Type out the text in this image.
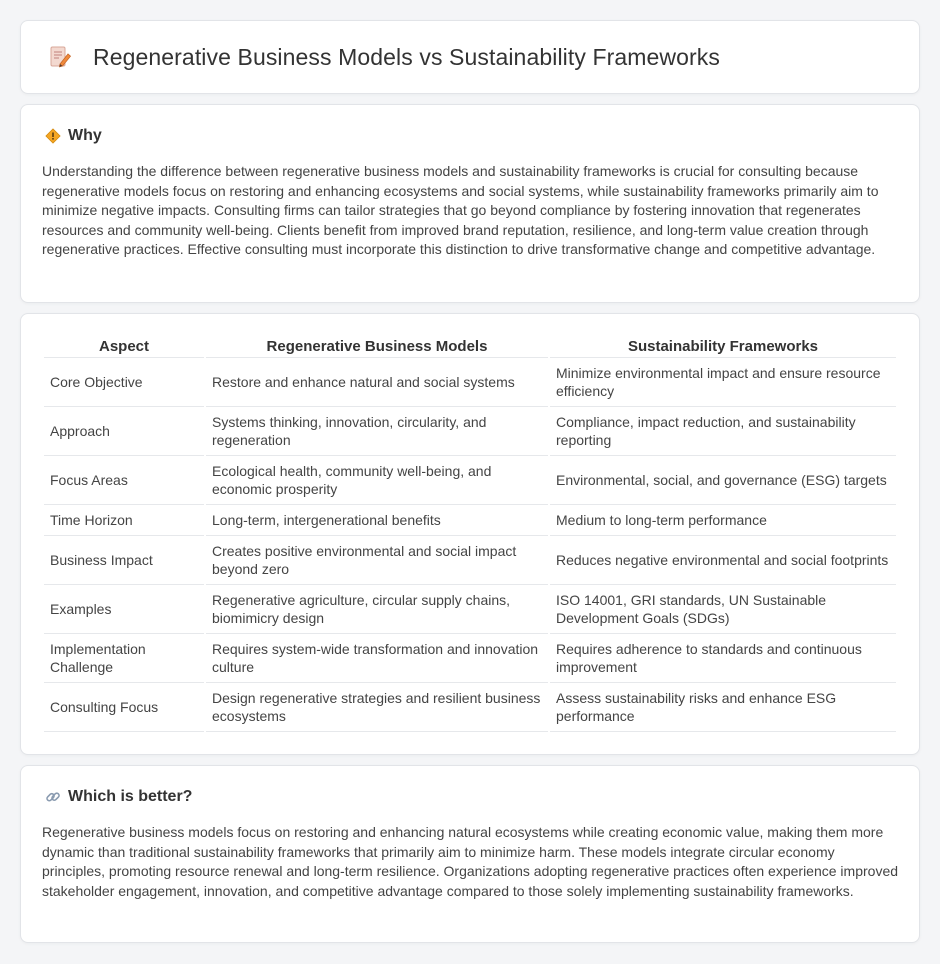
Regenerative Business Models vs Sustainability Frameworks
Why

Understanding the difference between regenerative business models and sustainability frameworks is crucial for consulting because regenerative models focus on restoring and enhancing ecosystems and social systems, while sustainability frameworks primarily aim to minimize negative impacts. Consulting firms can tailor strategies that go beyond compliance by fostering innovation that regenerates resources and community well-being. Clients benefit from improved brand reputation, resilience, and long-term value creation through regenerative practices. Effective consulting must incorporate this distinction to drive transformative change and competitive advantage.

Aspect	Regenerative Business Models	Sustainability Frameworks
Core Objective	Restore and enhance natural and social systems	Minimize environmental impact and ensure resource efficiency
Approach	Systems thinking, innovation, circularity, and regeneration	Compliance, impact reduction, and sustainability reporting
Focus Areas	Ecological health, community well-being, and economic prosperity	Environmental, social, and governance (ESG) targets
Time Horizon	Long-term, intergenerational benefits	Medium to long-term performance
Business Impact	Creates positive environmental and social impact beyond zero	Reduces negative environmental and social footprints
Examples	Regenerative agriculture, circular supply chains, biomimicry design	ISO 14001, GRI standards, UN Sustainable Development Goals (SDGs)
Implementation Challenge	Requires system-wide transformation and innovation culture	Requires adherence to standards and continuous improvement
Consulting Focus	Design regenerative strategies and resilient business ecosystems	Assess sustainability risks and enhance ESG performance
Which is better?

Regenerative business models focus on restoring and enhancing natural ecosystems while creating economic value, making them more dynamic than traditional sustainability frameworks that primarily aim to minimize harm. These models integrate circular economy principles, promoting resource renewal and long-term resilience. Organizations adopting regenerative practices often experience improved stakeholder engagement, innovation, and competitive advantage compared to those solely implementing sustainability frameworks.
